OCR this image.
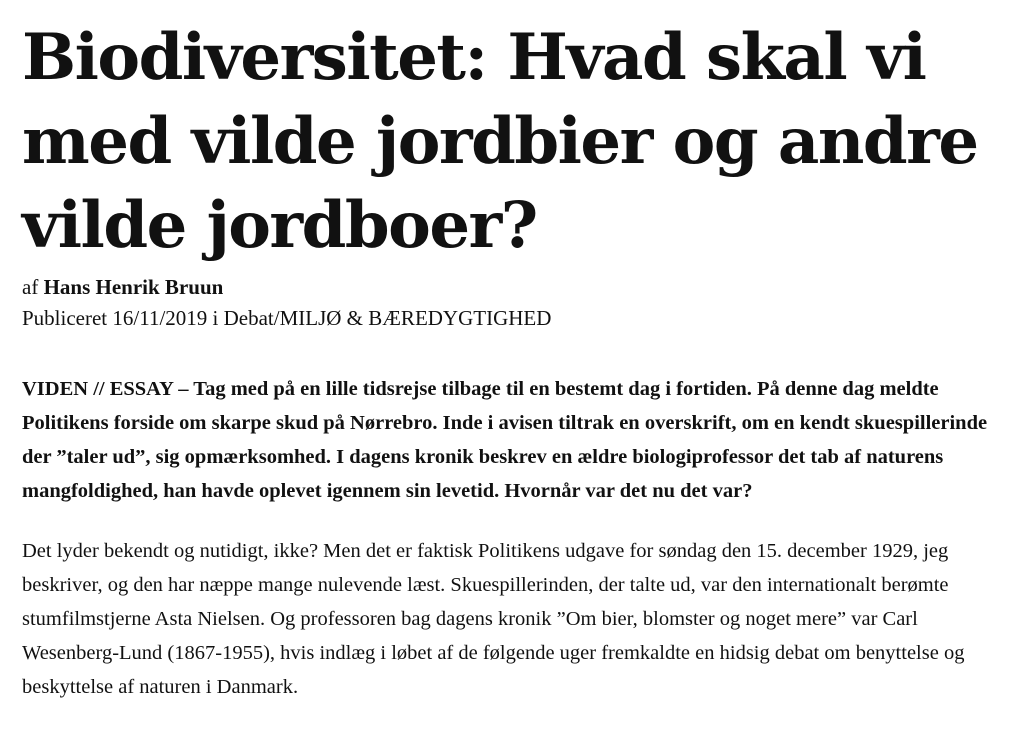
Biodiversitet: Hvad skal vi med vilde jordbier og andre vilde jordboer?

af Hans Henrik Bruun

Publiceret 16/11/2019 i Debat/MILJØ & BÆREDYGTIGHED

VIDEN // ESSAY – Tag med på en lille tidsrejse tilbage til en bestemt dag i fortiden. På denne dag meldte Politikens forside om skarpe skud på Nørrebro. Inde i avisen tiltrak en overskrift, om en kendt skuespillerinde der ”taler ud”, sig opmærksomhed. I dagens kronik beskrev en ældre biologiprofessor det tab af naturens mangfoldighed, han havde oplevet igennem sin levetid. Hvornår var det nu det var?

Det lyder bekendt og nutidigt, ikke? Men det er faktisk Politikens udgave for søndag den 15. december 1929, jeg beskriver, og den har næppe mange nulevende læst. Skuespillerinden, der talte ud, var den internationalt berømte stumfilmstjerne Asta Nielsen. Og professoren bag dagens kronik ”Om bier, blomster og noget mere” var Carl Wesenberg-Lund (1867-1955), hvis indlæg i løbet af de følgende uger fremkaldte en hidsig debat om benyttelse og beskyttelse af naturen i Danmark.
